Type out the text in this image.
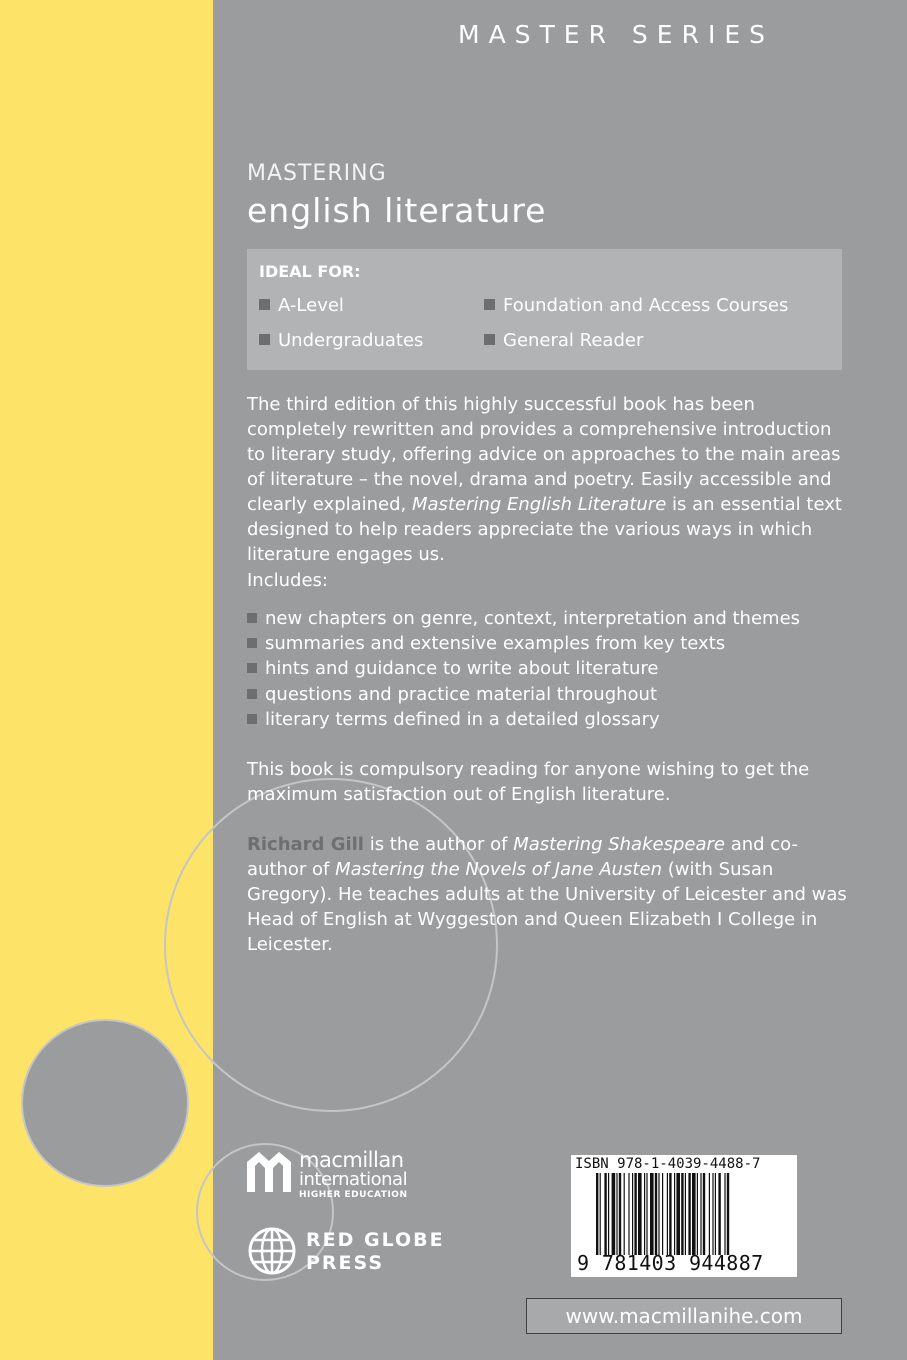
MASTER SERIES
MASTERING
english literature
IDEAL FOR:
A-Level	Foundation and Access Courses
Undergraduates	General Reader
The third edition of this highly successful book has been completely rewritten and provides a comprehensive introduction to literary study, offering advice on approaches to the main areas of literature – the novel, drama and poetry. Easily accessible and clearly explained, Mastering English Literature is an essential text designed to help readers appreciate the various ways in which literature engages us.
Includes:
new chapters on genre, context, interpretation and themes
summaries and extensive examples from key texts
hints and guidance to write about literature
questions and practice material throughout
literary terms defined in a detailed glossary
This book is compulsory reading for anyone wishing to get the maximum satisfaction out of English literature.
Richard Gill is the author of Mastering Shakespeare and co-author of Mastering the Novels of Jane Austen (with Susan Gregory). He teaches adults at the University of Leicester and was Head of English at Wyggeston and Queen Elizabeth I College in Leicester.
macmillan
international
HIGHER EDUCATION
RED GLOBE
PRESS
ISBN 978-1-4039-4488-7
9 781403 944887
www.macmillanihe.com
